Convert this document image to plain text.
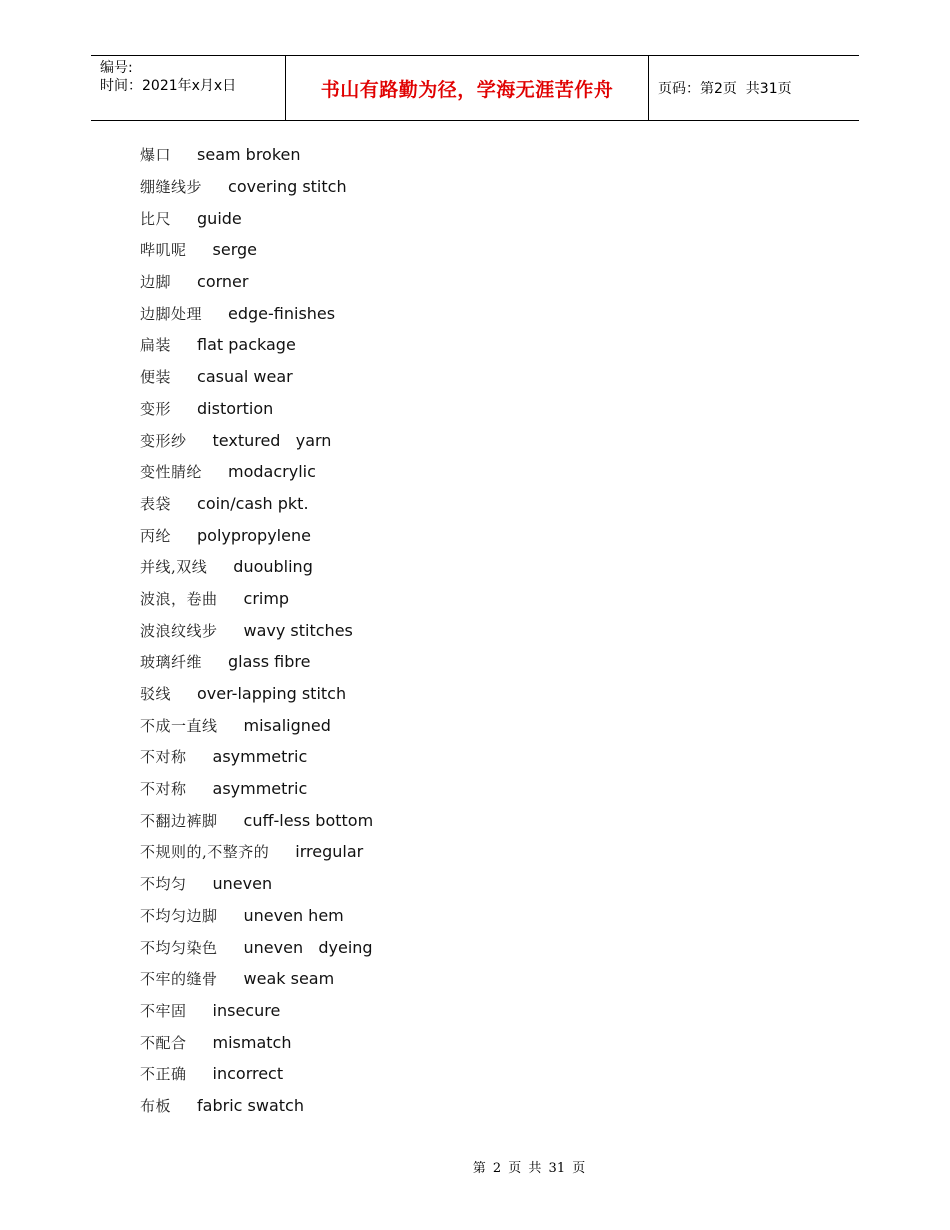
编号:
时间：2021年x月x日	书山有路勤为径，学海无涯苦作舟	页码：第2页  共31页
爆口 seam broken
绷缝线步 covering stitch
比尺 guide
哔叽呢 serge
边脚 corner
边脚处理 edge-finishes
扁装 flat package
便装 casual wear
变形 distortion
变形纱 textured   yarn
变性腈纶 modacrylic
表袋 coin/cash pkt.
丙纶 polypropylene
并线,双线 duoubling
波浪，卷曲 crimp
波浪纹线步 wavy stitches
玻璃纤维 glass fibre
驳线 over-lapping stitch
不成一直线 misaligned
不对称 asymmetric
不对称 asymmetric
不翻边裤脚 cuff-less bottom
不规则的,不整齐的 irregular
不均匀 uneven
不均匀边脚 uneven hem
不均匀染色 uneven   dyeing
不牢的缝骨 weak seam
不牢固 insecure
不配合 mismatch
不正确 incorrect
布板 fabric swatch
第 2 页 共 31 页
